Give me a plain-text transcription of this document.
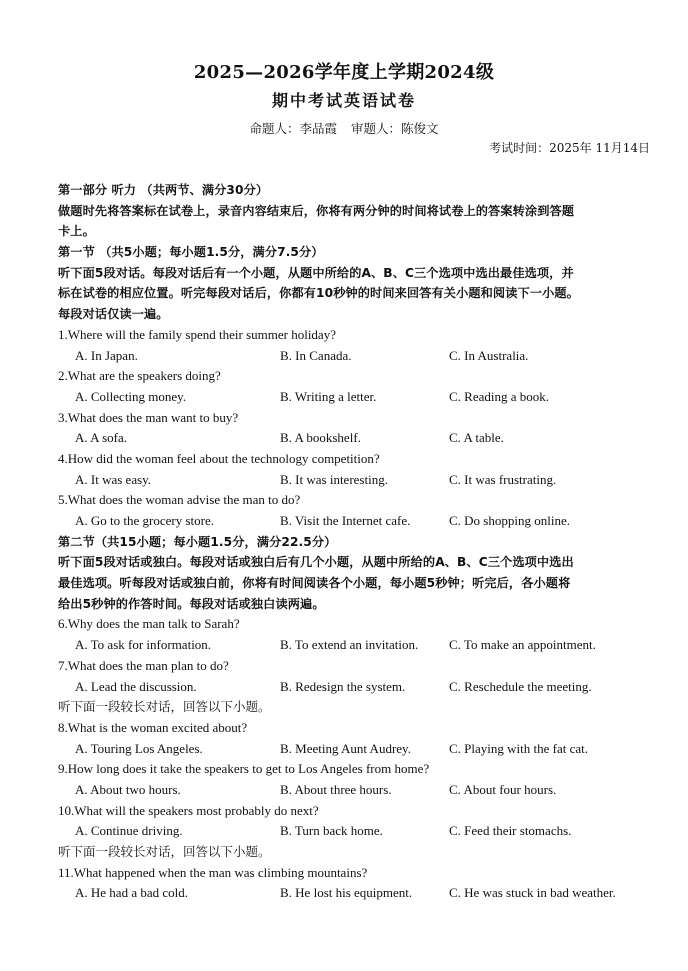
2025—2026学年度上学期2024级
期中考试英语试卷
命题人：李品霞 审题人：陈俊文
考试时间：2025年 11月14日
第一部分 听力 （共两节、满分30分）
做题时先将答案标在试卷上，录音内容结束后，你将有两分钟的时间将试卷上的答案转涂到答题
卡上。
第一节 （共5小题；每小题1.5分，满分7.5分）
听下面5段对话。每段对话后有一个小题，从题中所给的A、B、C三个选项中选出最佳选项，并
标在试卷的相应位置。听完每段对话后，你都有10秒钟的时间来回答有关小题和阅读下一小题。
每段对话仅读一遍。
1.Where will the family spend their summer holiday?
A. In Japan.	B. In Canada.	C. In Australia.
2.What are the speakers doing?
A. Collecting money.	B. Writing a letter.	C. Reading a book.
3.What does the man want to buy?
A. A sofa.	B. A bookshelf.	C. A table.
4.How did the woman feel about the technology competition?
A. It was easy.	B. It was interesting.	C. It was frustrating.
5.What does the woman advise the man to do?
A. Go to the grocery store.	B. Visit the Internet cafe.	C. Do shopping online.
第二节（共15小题；每小题1.5分，满分22.5分）
听下面5段对话或独白。每段对话或独白后有几个小题，从题中所给的A、B、C三个选项中选出
最佳选项。听每段对话或独白前，你将有时间阅读各个小题，每小题5秒钟；听完后，各小题将
给出5秒钟的作答时间。每段对话或独白读两遍。
6.Why does the man talk to Sarah?
A. To ask for information.	B. To extend an invitation. C. To make an appointment.
7.What does the man plan to do?
A. Lead the discussion.	B. Redesign the system.	C. Reschedule the meeting.
听下面一段较长对话，回答以下小题。
8.What is the woman excited about?
A. Touring Los Angeles.	B. Meeting Aunt Audrey.	C. Playing with the fat cat.
9.How long does it take the speakers to get to Los Angeles from home?
A. About two hours.	B. About three hours.	C. About four hours.
10.What will the speakers most probably do next?
A. Continue driving.	B. Turn back home.	C. Feed their stomachs.
听下面一段较长对话，回答以下小题。
11.What happened when the man was climbing mountains?
A. He had a bad cold.	B. He lost his equipment.	C. He was stuck in bad weather.
